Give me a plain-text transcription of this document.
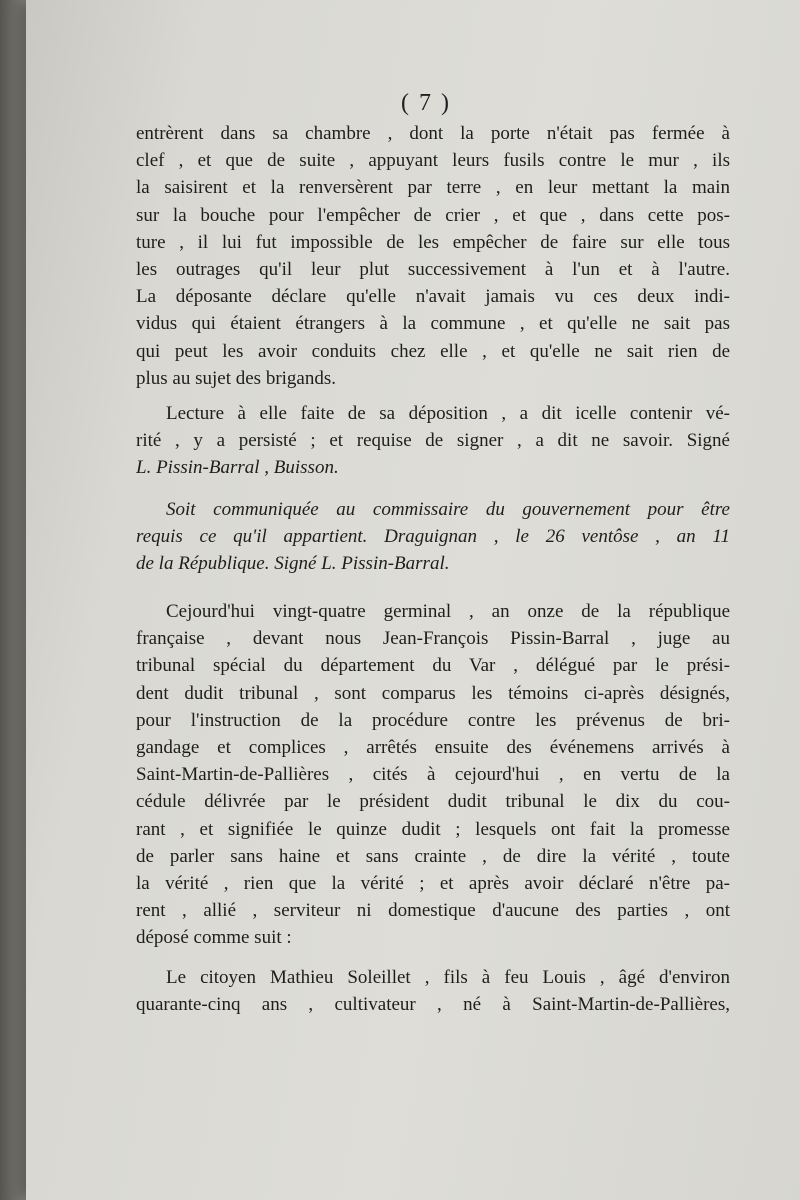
( 7 )
entrèrent dans sa chambre , dont la porte n'était pas fermée à
clef , et que de suite , appuyant leurs fusils contre le mur , ils
la saisirent et la renversèrent par terre , en leur mettant la main
sur la bouche pour l'empêcher de crier , et que , dans cette pos-
ture , il lui fut impossible de les empêcher de faire sur elle tous
les outrages qu'il leur plut successivement à l'un et à l'autre.
La déposante déclare qu'elle n'avait jamais vu ces deux indi-
vidus qui étaient étrangers à la commune , et qu'elle ne sait pas
qui peut les avoir conduits chez elle , et qu'elle ne sait rien de
plus au sujet des brigands.
Lecture à elle faite de sa déposition , a dit icelle contenir vé-
rité , y a persisté ; et requise de signer , a dit ne savoir. Signé
L. Pissin-Barral , Buisson.
Soit communiquée au commissaire du gouvernement pour être
requis ce qu'il appartient. Draguignan , le 26 ventôse , an 11
de la République. Signé L. Pissin-Barral.
Cejourd'hui vingt-quatre germinal , an onze de la république
française , devant nous Jean-François Pissin-Barral , juge au
tribunal spécial du département du Var , délégué par le prési-
dent dudit tribunal , sont comparus les témoins ci-après désignés,
pour l'instruction de la procédure contre les prévenus de bri-
gandage et complices , arrêtés ensuite des événemens arrivés à
Saint-Martin-de-Pallières , cités à cejourd'hui , en vertu de la
cédule délivrée par le président dudit tribunal le dix du cou-
rant , et signifiée le quinze dudit ; lesquels ont fait la promesse
de parler sans haine et sans crainte , de dire la vérité , toute
la vérité , rien que la vérité ; et après avoir déclaré n'être pa-
rent , allié , serviteur ni domestique d'aucune des parties , ont
déposé comme suit :
Le citoyen Mathieu Soleillet , fils à feu Louis , âgé d'environ
quarante-cinq ans , cultivateur , né à Saint-Martin-de-Pallières,
